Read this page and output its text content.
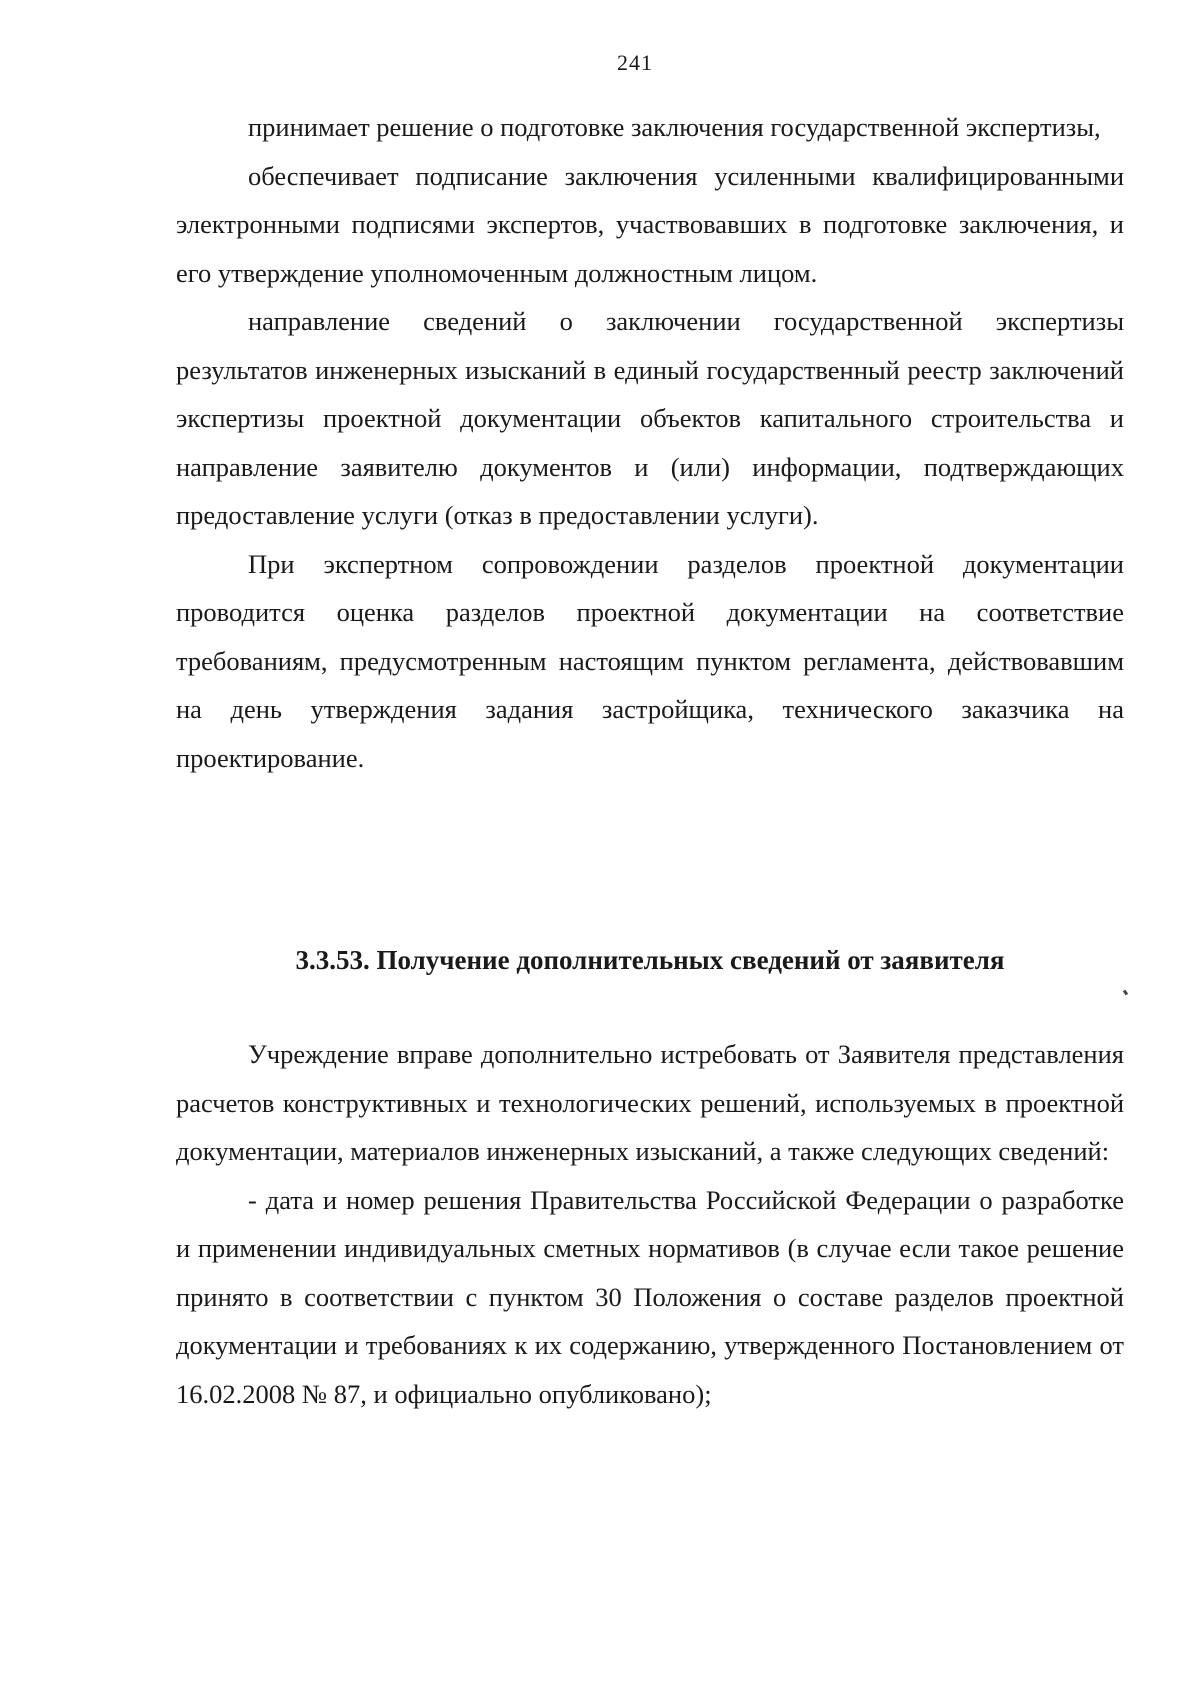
241

принимает решение о подготовке заключения государственной экспертизы,

обеспечивает подписание заключения усиленными квалифицированными электронными подписями экспертов, участвовавших в подготовке заключения, и его утверждение уполномоченным должностным лицом.

направление сведений о заключении государственной экспертизы результатов инженерных изысканий в единый государственный реестр заключений экспертизы проектной документации объектов капитального строительства и направление заявителю документов и (или) информации, подтверждающих предоставление услуги (отказ в предоставлении услуги).

При экспертном сопровождении разделов проектной документации проводится оценка разделов проектной документации на соответствие требованиям, предусмотренным настоящим пунктом регламента, действовавшим на день утверждения задания застройщика, технического заказчика на проектирование.

3.3.53. Получение дополнительных сведений от заявителя

Учреждение вправе дополнительно истребовать от Заявителя представления расчетов конструктивных и технологических решений, используемых в проектной документации, материалов инженерных изысканий, а также следующих сведений:

- дата и номер решения Правительства Российской Федерации о разработке и применении индивидуальных сметных нормативов (в случае если такое решение принято в соответствии с пунктом 30 Положения о составе разделов проектной документации и требованиях к их содержанию, утвержденного Постановлением от 16.02.2008 № 87, и официально опубликовано);
